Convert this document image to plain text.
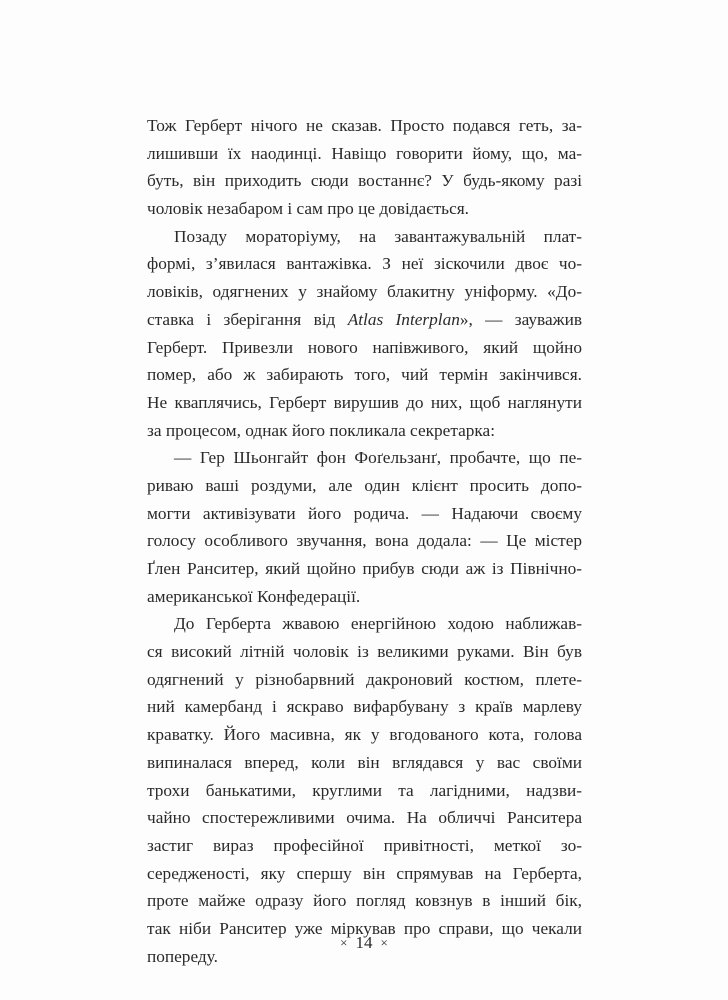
Тож Герберт нічого не сказав. Просто подався геть, за-
лишивши їх наодинці. Навіщо говорити йому, що, ма-
буть, він приходить сюди востаннє? У будь-якому разі
чоловік незабаром і сам про це довідається.
Позаду мораторіуму, на завантажувальній плат-
формі, з’явилася вантажівка. З неї зіскочили двоє чо-
ловіків, одягнених у знайому блакитну уніформу. «До-
ставка і зберігання від Atlas Interplan», — зауважив
Герберт. Привезли нового напівживого, який щойно
помер, або ж забирають того, чий термін закінчився.
Не кваплячись, Герберт вирушив до них, щоб наглянути
за процесом, однак його покликала секретарка:
— Гер Шьонгайт фон Фоґельзанґ, пробачте, що пе-
риваю ваші роздуми, але один клієнт просить допо-
могти активізувати його родича. — Надаючи своєму
голосу особливого звучання, вона додала: — Це містер
Ґлен Ранситер, який щойно прибув сюди аж із Північно-
американської Конфедерації.
До Герберта жвавою енергійною ходою наближав-
ся високий літній чоловік із великими руками. Він був
одягнений у різнобарвний дакроновий костюм, плете-
ний камербанд і яскраво вифарбувану з країв марлеву
краватку. Його масивна, як у вгодованого кота, голова
випиналася вперед, коли він вглядався у вас своїми
трохи банькатими, круглими та лагідними, надзви-
чайно спостережливими очима. На обличчі Ранситера
застиг вираз професійної привітності, меткої зо-
середженості, яку спершу він спрямував на Герберта,
проте майже одразу його погляд ковзнув в інший бік,
так ніби Ранситер уже міркував про справи, що чекали
попереду.
× 14 ×
